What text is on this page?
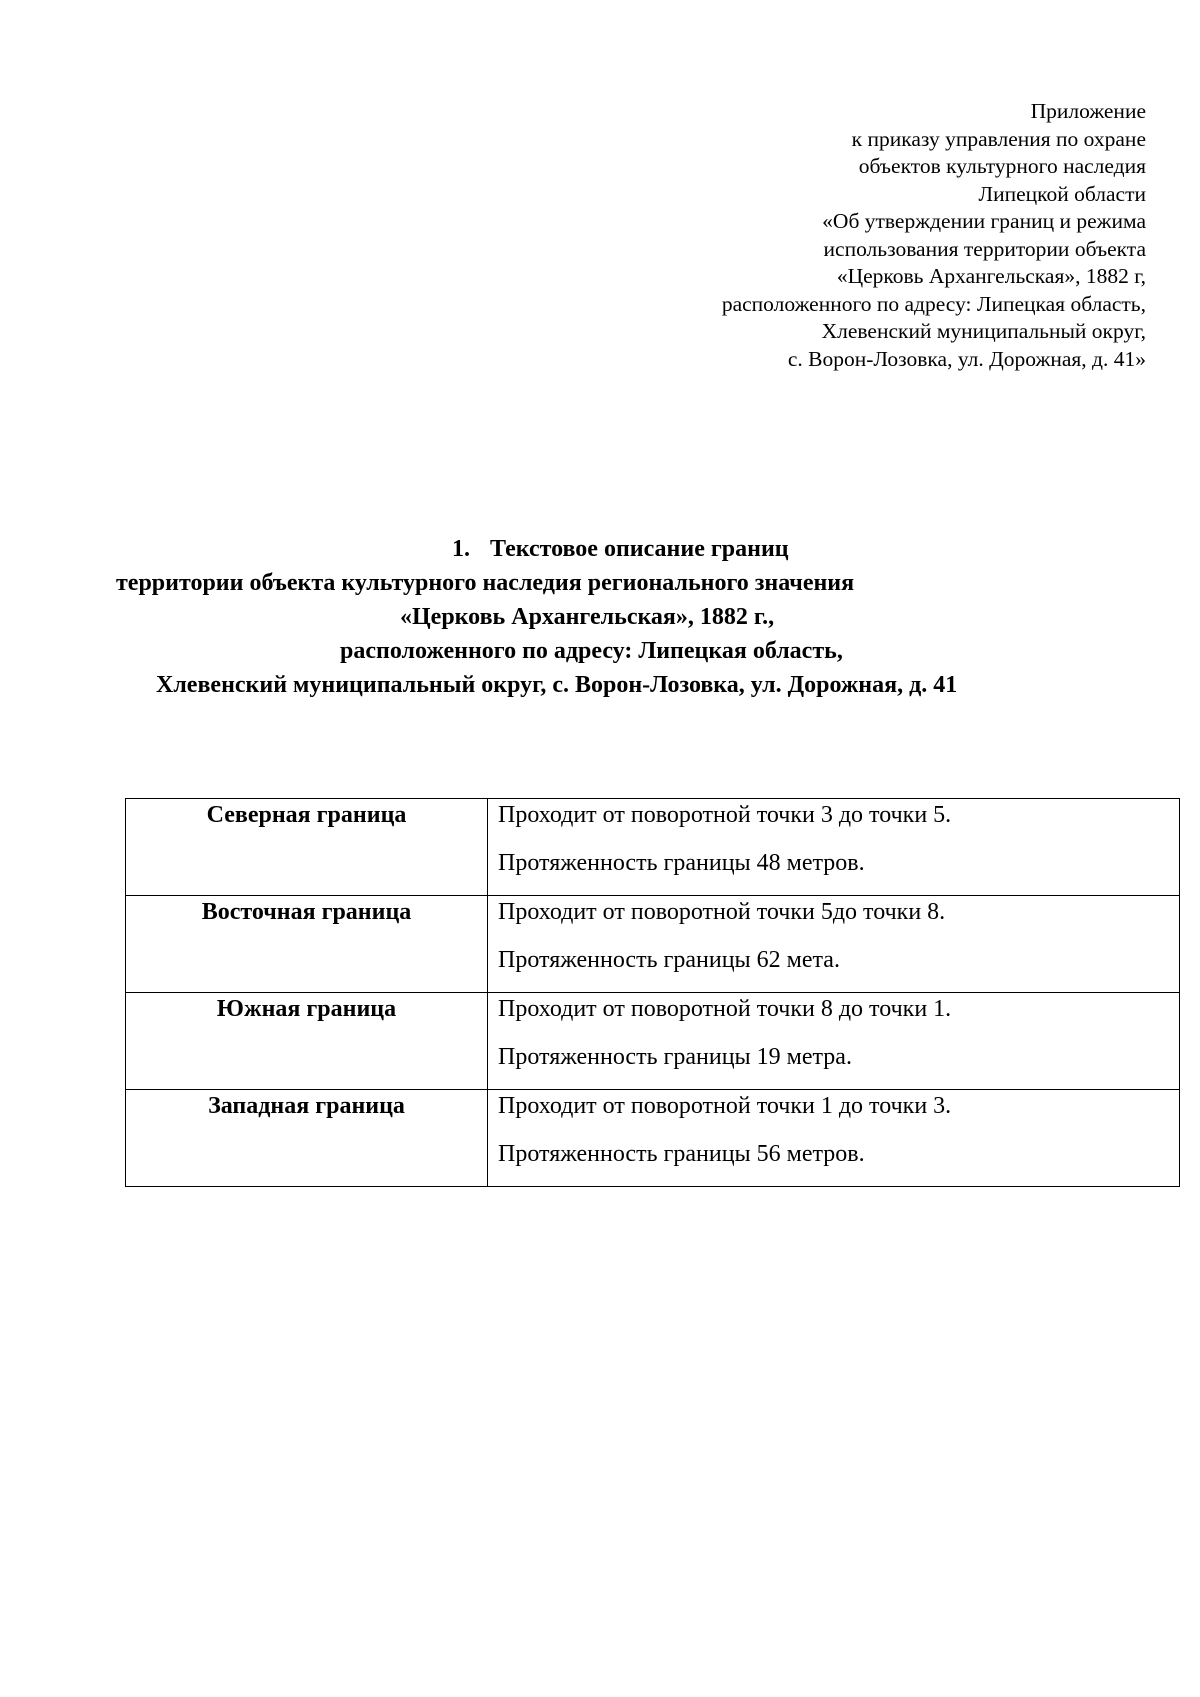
Приложение
к приказу управления по охране
объектов культурного наследия
Липецкой области
«Об утверждении границ и режима
использования территории объекта
«Церковь Архангельская», 1882 г,
расположенного по адресу: Липецкая область,
Хлевенский муниципальный округ,
с. Ворон-Лозовка, ул. Дорожная, д. 41»
1. Текстовое описание границ
территории объекта культурного наследия регионального значения
«Церковь Архангельская», 1882 г.,
расположенного по адресу: Липецкая область,
Хлевенский муниципальный округ, с. Ворон-Лозовка, ул. Дорожная, д. 41
Северная граница	Проходит от поворотной точки 3 до точки 5.
Протяженность границы 48 метров.

Восточная граница	Проходит от поворотной точки 5до точки 8.
Протяженность границы 62 мета.

Южная граница	Проходит от поворотной точки 8 до точки 1.
Протяженность границы 19 метра.

Западная граница	Проходит от поворотной точки 1 до точки 3.
Протяженность границы 56 метров.
